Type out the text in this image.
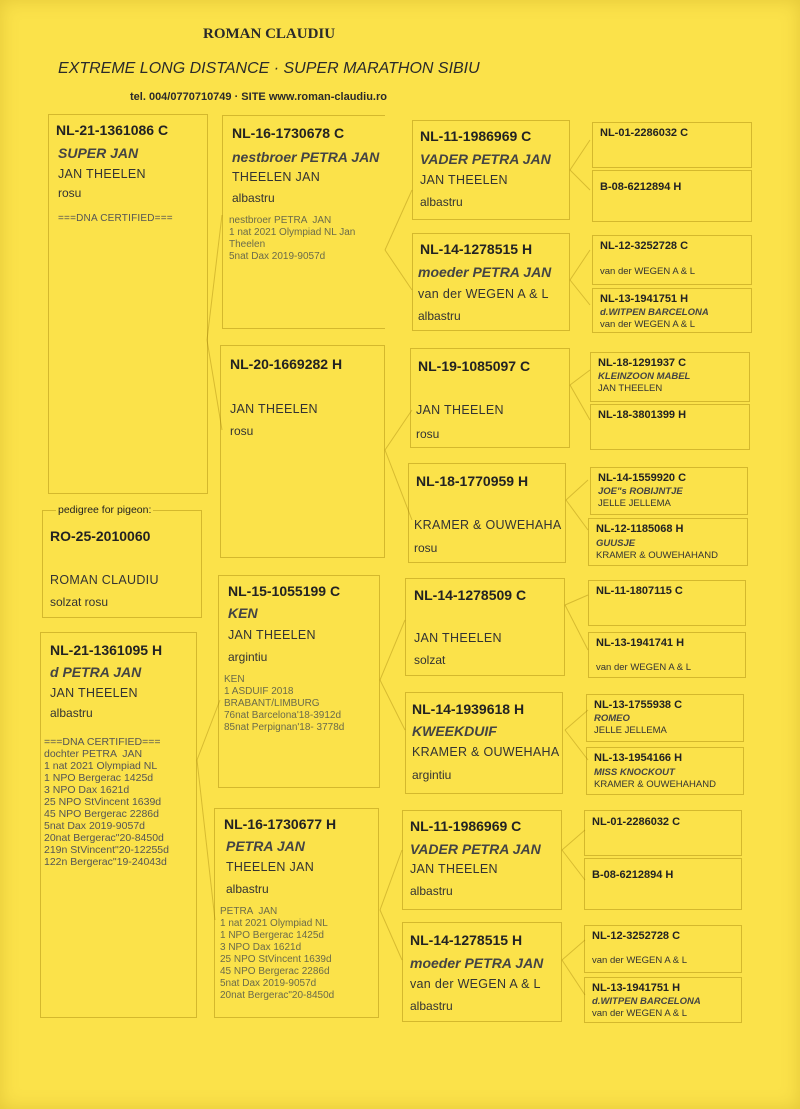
ROMAN CLAUDIU
EXTREME LONG DISTANCE · SUPER MARATHON SIBIU
tel. 004/0770710749 · SITE www.roman-claudiu.ro
NL-21-1361086 C
SUPER JAN
JAN THEELEN
rosu
===DNA CERTIFIED===
pedigree for pigeon:
RO-25-2010060
ROMAN CLAUDIU
solzat rosu
NL-21-1361095 H
d PETRA JAN
JAN THEELEN
albastru
===DNA CERTIFIED===
dochter PETRA  JAN
1 nat 2021 Olympiad NL
1 NPO Bergerac 1425d
3 NPO Dax 1621d
25 NPO StVincent 1639d
45 NPO Bergerac 2286d
5nat Dax 2019-9057d
20nat Bergerac"20-8450d
219n StVincent"20-12255d
122n Bergerac"19-24043d
NL-16-1730678 C
nestbroer PETRA JAN
THEELEN JAN
albastru
nestbroer PETRA  JAN
1 nat 2021 Olympiad NL Jan
Theelen
5nat Dax 2019-9057d
NL-20-1669282 H
JAN THEELEN
rosu
NL-15-1055199 C
KEN
JAN THEELEN
argintiu
KEN
1 ASDUIF 2018
BRABANT/LIMBURG
76nat Barcelona'18-3912d
85nat Perpignan'18- 3778d
NL-16-1730677 H
PETRA JAN
THEELEN JAN
albastru
PETRA  JAN
1 nat 2021 Olympiad NL
1 NPO Bergerac 1425d
3 NPO Dax 1621d
25 NPO StVincent 1639d
45 NPO Bergerac 2286d
5nat Dax 2019-9057d
20nat Bergerac"20-8450d
NL-11-1986969 C
VADER PETRA JAN
JAN THEELEN
albastru
NL-14-1278515 H
moeder PETRA JAN
van der WEGEN A & L
albastru
NL-19-1085097 C
JAN THEELEN
rosu
NL-18-1770959 H
KRAMER & OUWEHAHA
rosu
NL-14-1278509 C
JAN THEELEN
solzat
NL-14-1939618 H
KWEEKDUIF
KRAMER & OUWEHAHA
argintiu
NL-11-1986969 C
VADER PETRA JAN
JAN THEELEN
albastru
NL-14-1278515 H
moeder PETRA JAN
van der WEGEN A & L
albastru
NL-01-2286032 C
B-08-6212894 H
NL-12-3252728 C
van der WEGEN A & L
NL-13-1941751 H
d.WITPEN BARCELONA
van der WEGEN A & L
NL-18-1291937 C
KLEINZOON MABEL
JAN THEELEN
NL-18-3801399 H
NL-14-1559920 C
JOE"s ROBIJNTJE
JELLE JELLEMA
NL-12-1185068 H
GUUSJE
KRAMER & OUWEHAHAND
NL-11-1807115 C
NL-13-1941741 H
van der WEGEN A & L
NL-13-1755938 C
ROMEO
JELLE JELLEMA
NL-13-1954166 H
MISS KNOCKOUT
KRAMER & OUWEHAHAND
NL-01-2286032 C
B-08-6212894 H
NL-12-3252728 C
van der WEGEN A & L
NL-13-1941751 H
d.WITPEN BARCELONA
van der WEGEN A & L
